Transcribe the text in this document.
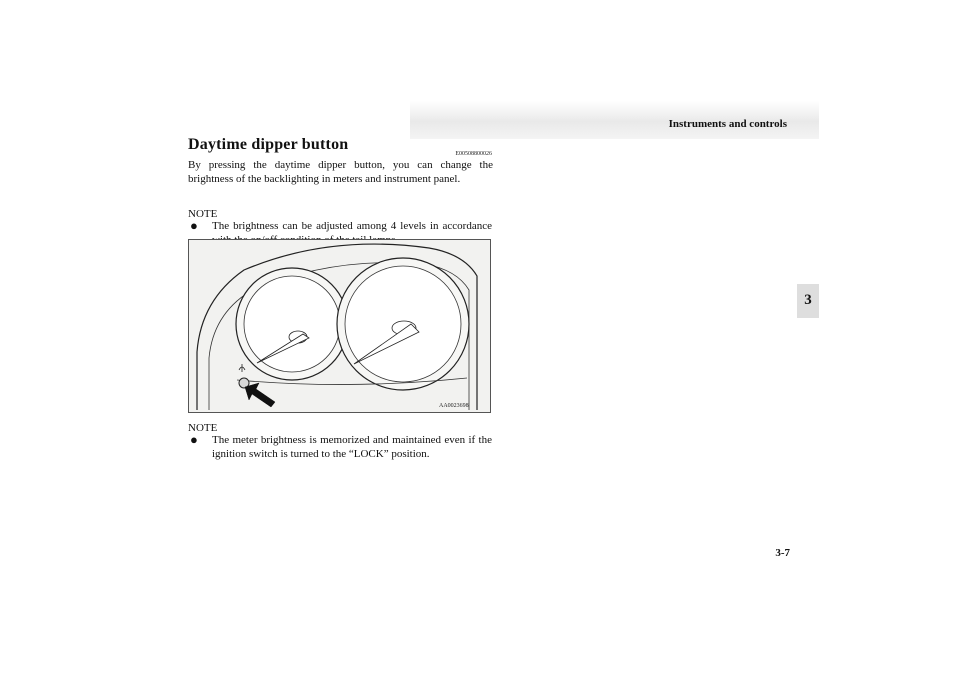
Instruments and controls
3
Daytime dipper button
E00508800026
By pressing the daytime dipper button, you can change the brightness of the backlighting in meters and instrument panel.
NOTE
● The brightness can be adjusted among 4 levels in accordance
AA0023698
NOTE
● The meter brightness is memorized and maintained even if the ignition switch is turned to the “LOCK” position.
3-7
